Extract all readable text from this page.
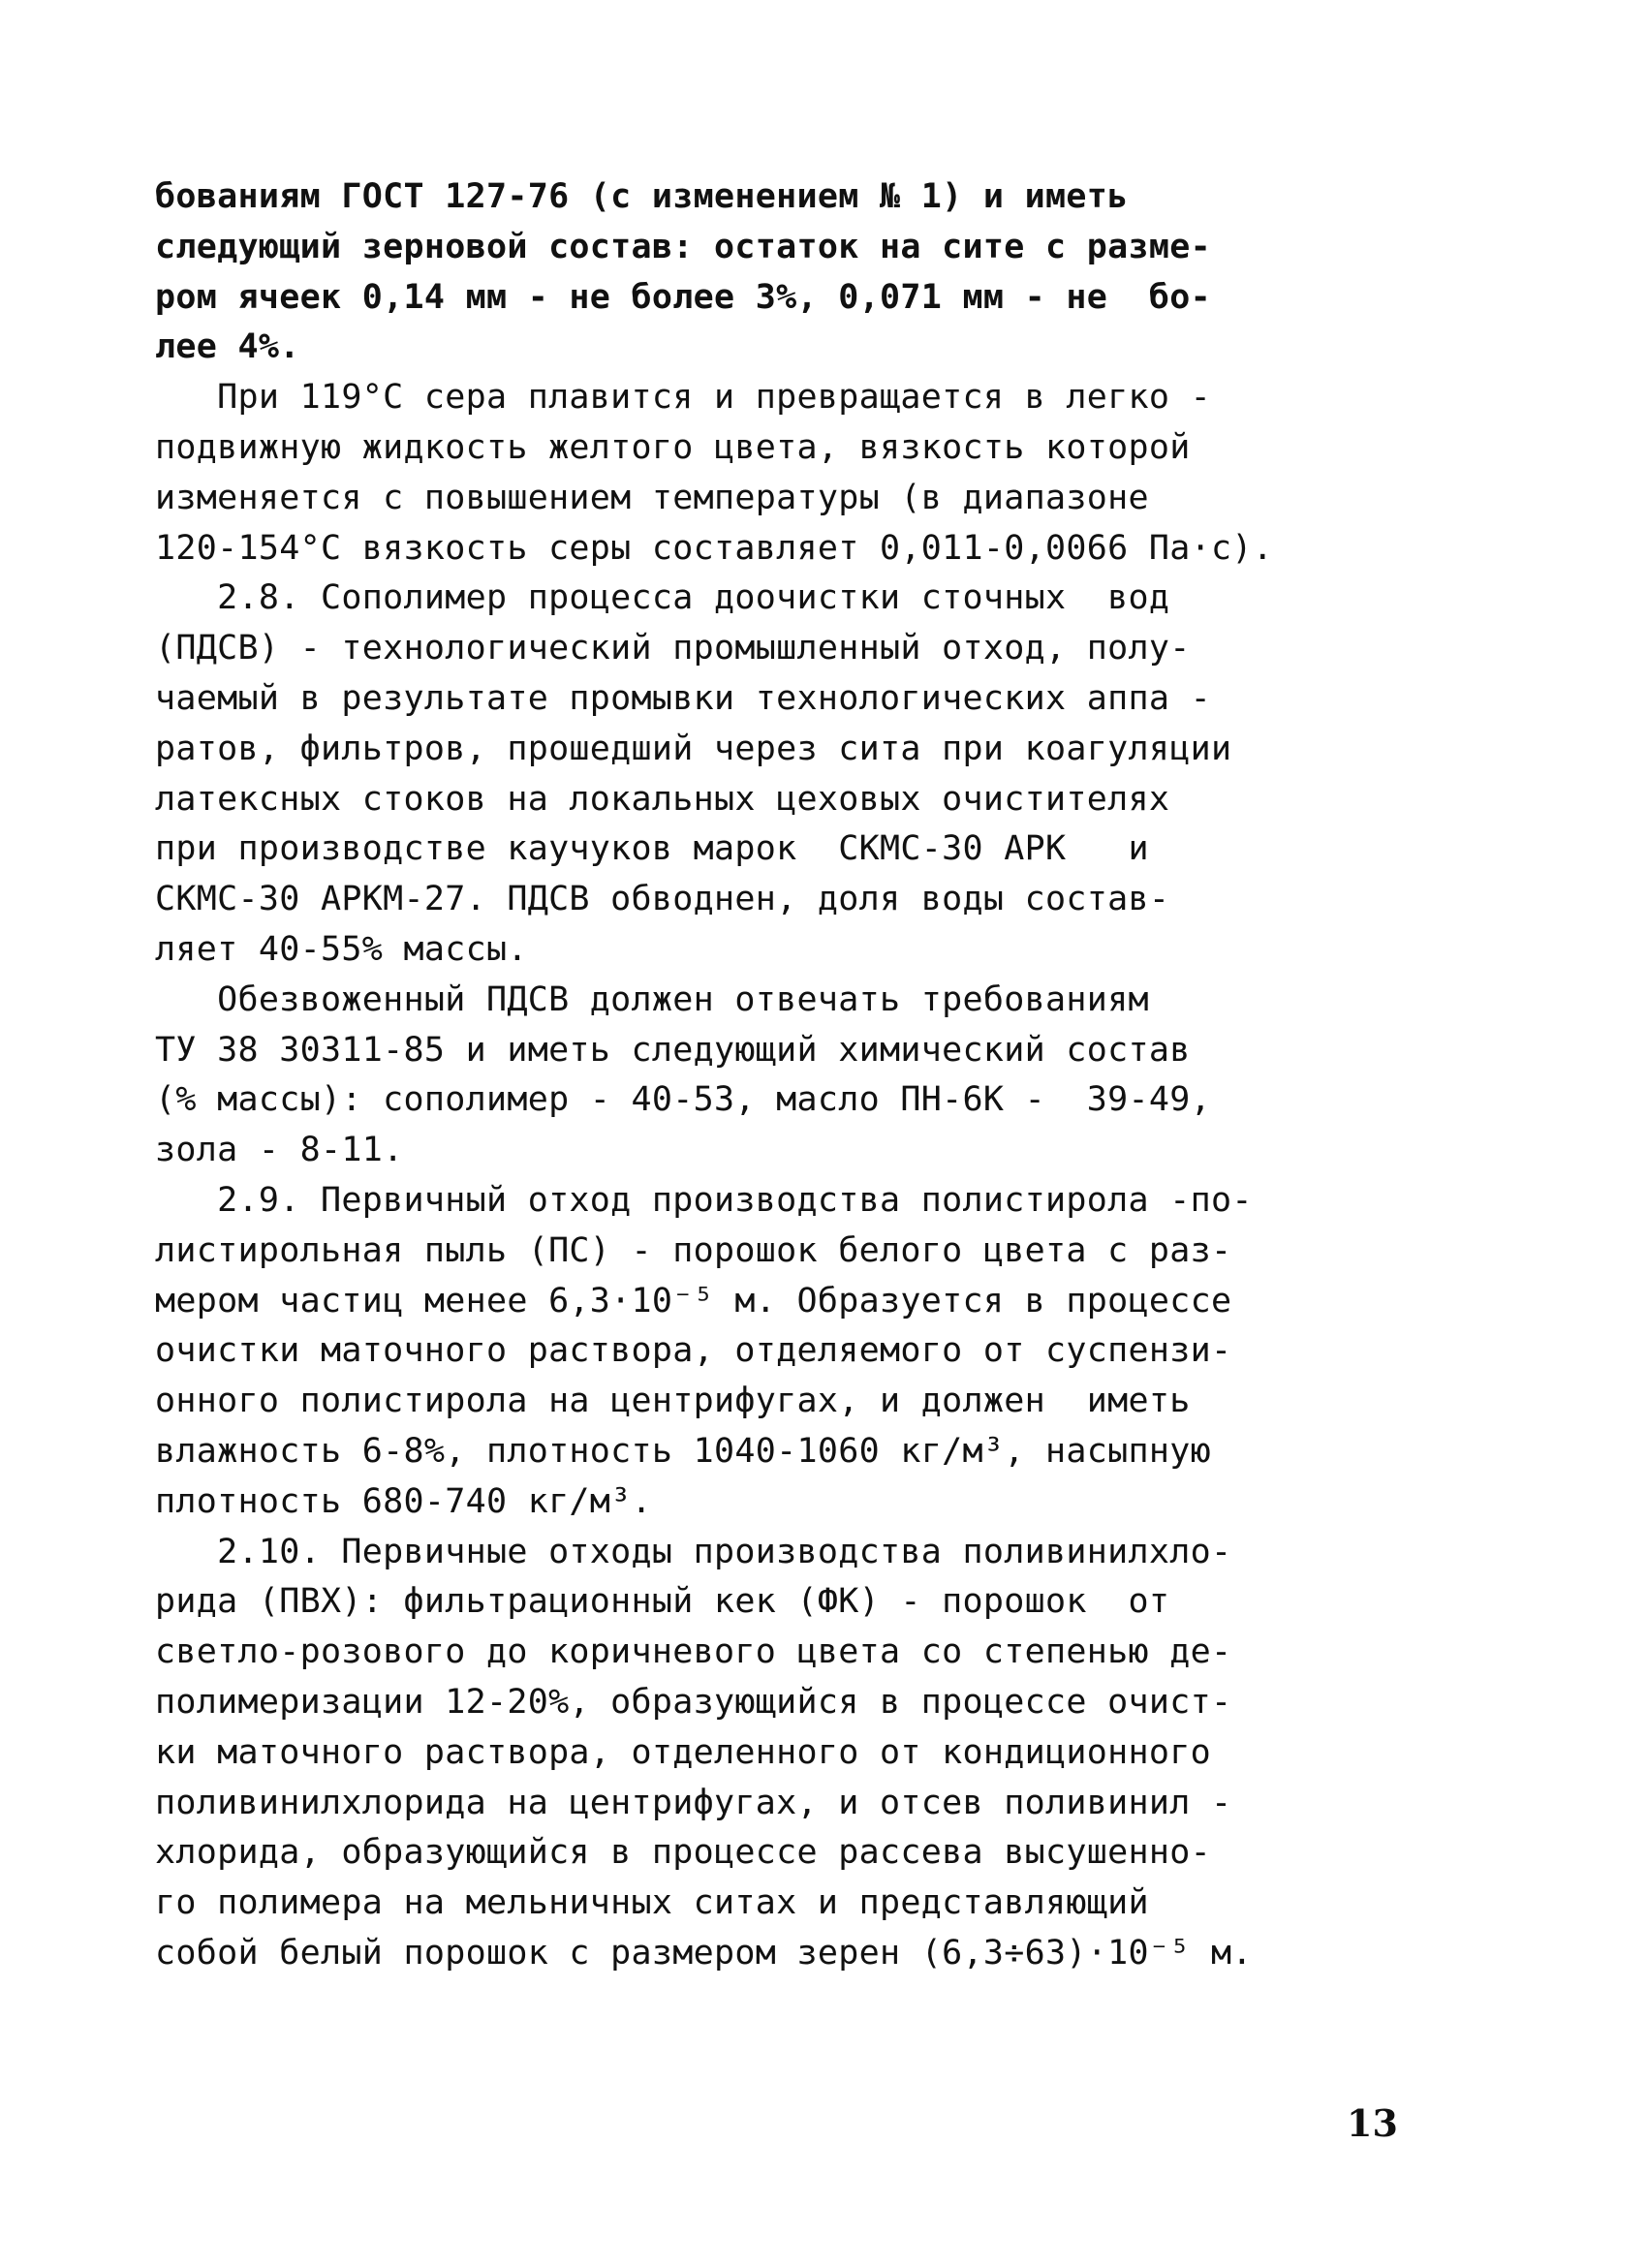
бованиям ГОСТ 127-76 (с изменением № 1) и иметь
следующий зерновой состав: остаток на сите с разме-
ром ячеек 0,14 мм - не более 3%, 0,071 мм - не  бо-
лее 4%.
При 119°С сера плавится и превращается в легко -
подвижную жидкость желтого цвета, вязкость которой
изменяется с повышением температуры (в диапазоне
120-154°С вязкость серы составляет 0,011-0,0066 Па·с).
2.8. Сополимер процесса доочистки сточных  вод
(ПДСВ) - технологический промышленный отход, полу-
чаемый в результате промывки технологических аппа -
ратов, фильтров, прошедший через сита при коагуляции
латексных стоков на локальных цеховых очистителях
при производстве каучуков марок  СКМС-30 АРК   и
СКМС-30 АРКМ-27. ПДСВ обводнен, доля воды состав-
ляет 40-55% массы.
Обезвоженный ПДСВ должен отвечать требованиям
ТУ 38 30311-85 и иметь следующий химический состав
(% массы): сополимер - 40-53, масло ПН-6К -  39-49,
зола - 8-11.
2.9. Первичный отход производства полистирола -по-
листирольная пыль (ПС) - порошок белого цвета с раз-
мером частиц менее 6,3·10⁻⁵ м. Образуется в процессе
очистки маточного раствора, отделяемого от суспензи-
онного полистирола на центрифугах, и должен  иметь
влажность 6-8%, плотность 1040-1060 кг/м³, насыпную
плотность 680-740 кг/м³.
2.10. Первичные отходы производства поливинилхло-
рида (ПВХ): фильтрационный кек (ФК) - порошок  от
светло-розового до коричневого цвета со степенью де-
полимеризации 12-20%, образующийся в процессе очист-
ки маточного раствора, отделенного от кондиционного
поливинилхлорида на центрифугах, и отсев поливинил -
хлорида, образующийся в процессе рассева высушенно-
го полимера на мельничных ситах и представляющий
собой белый порошок с размером зерен (6,3÷63)·10⁻⁵ м.
13
